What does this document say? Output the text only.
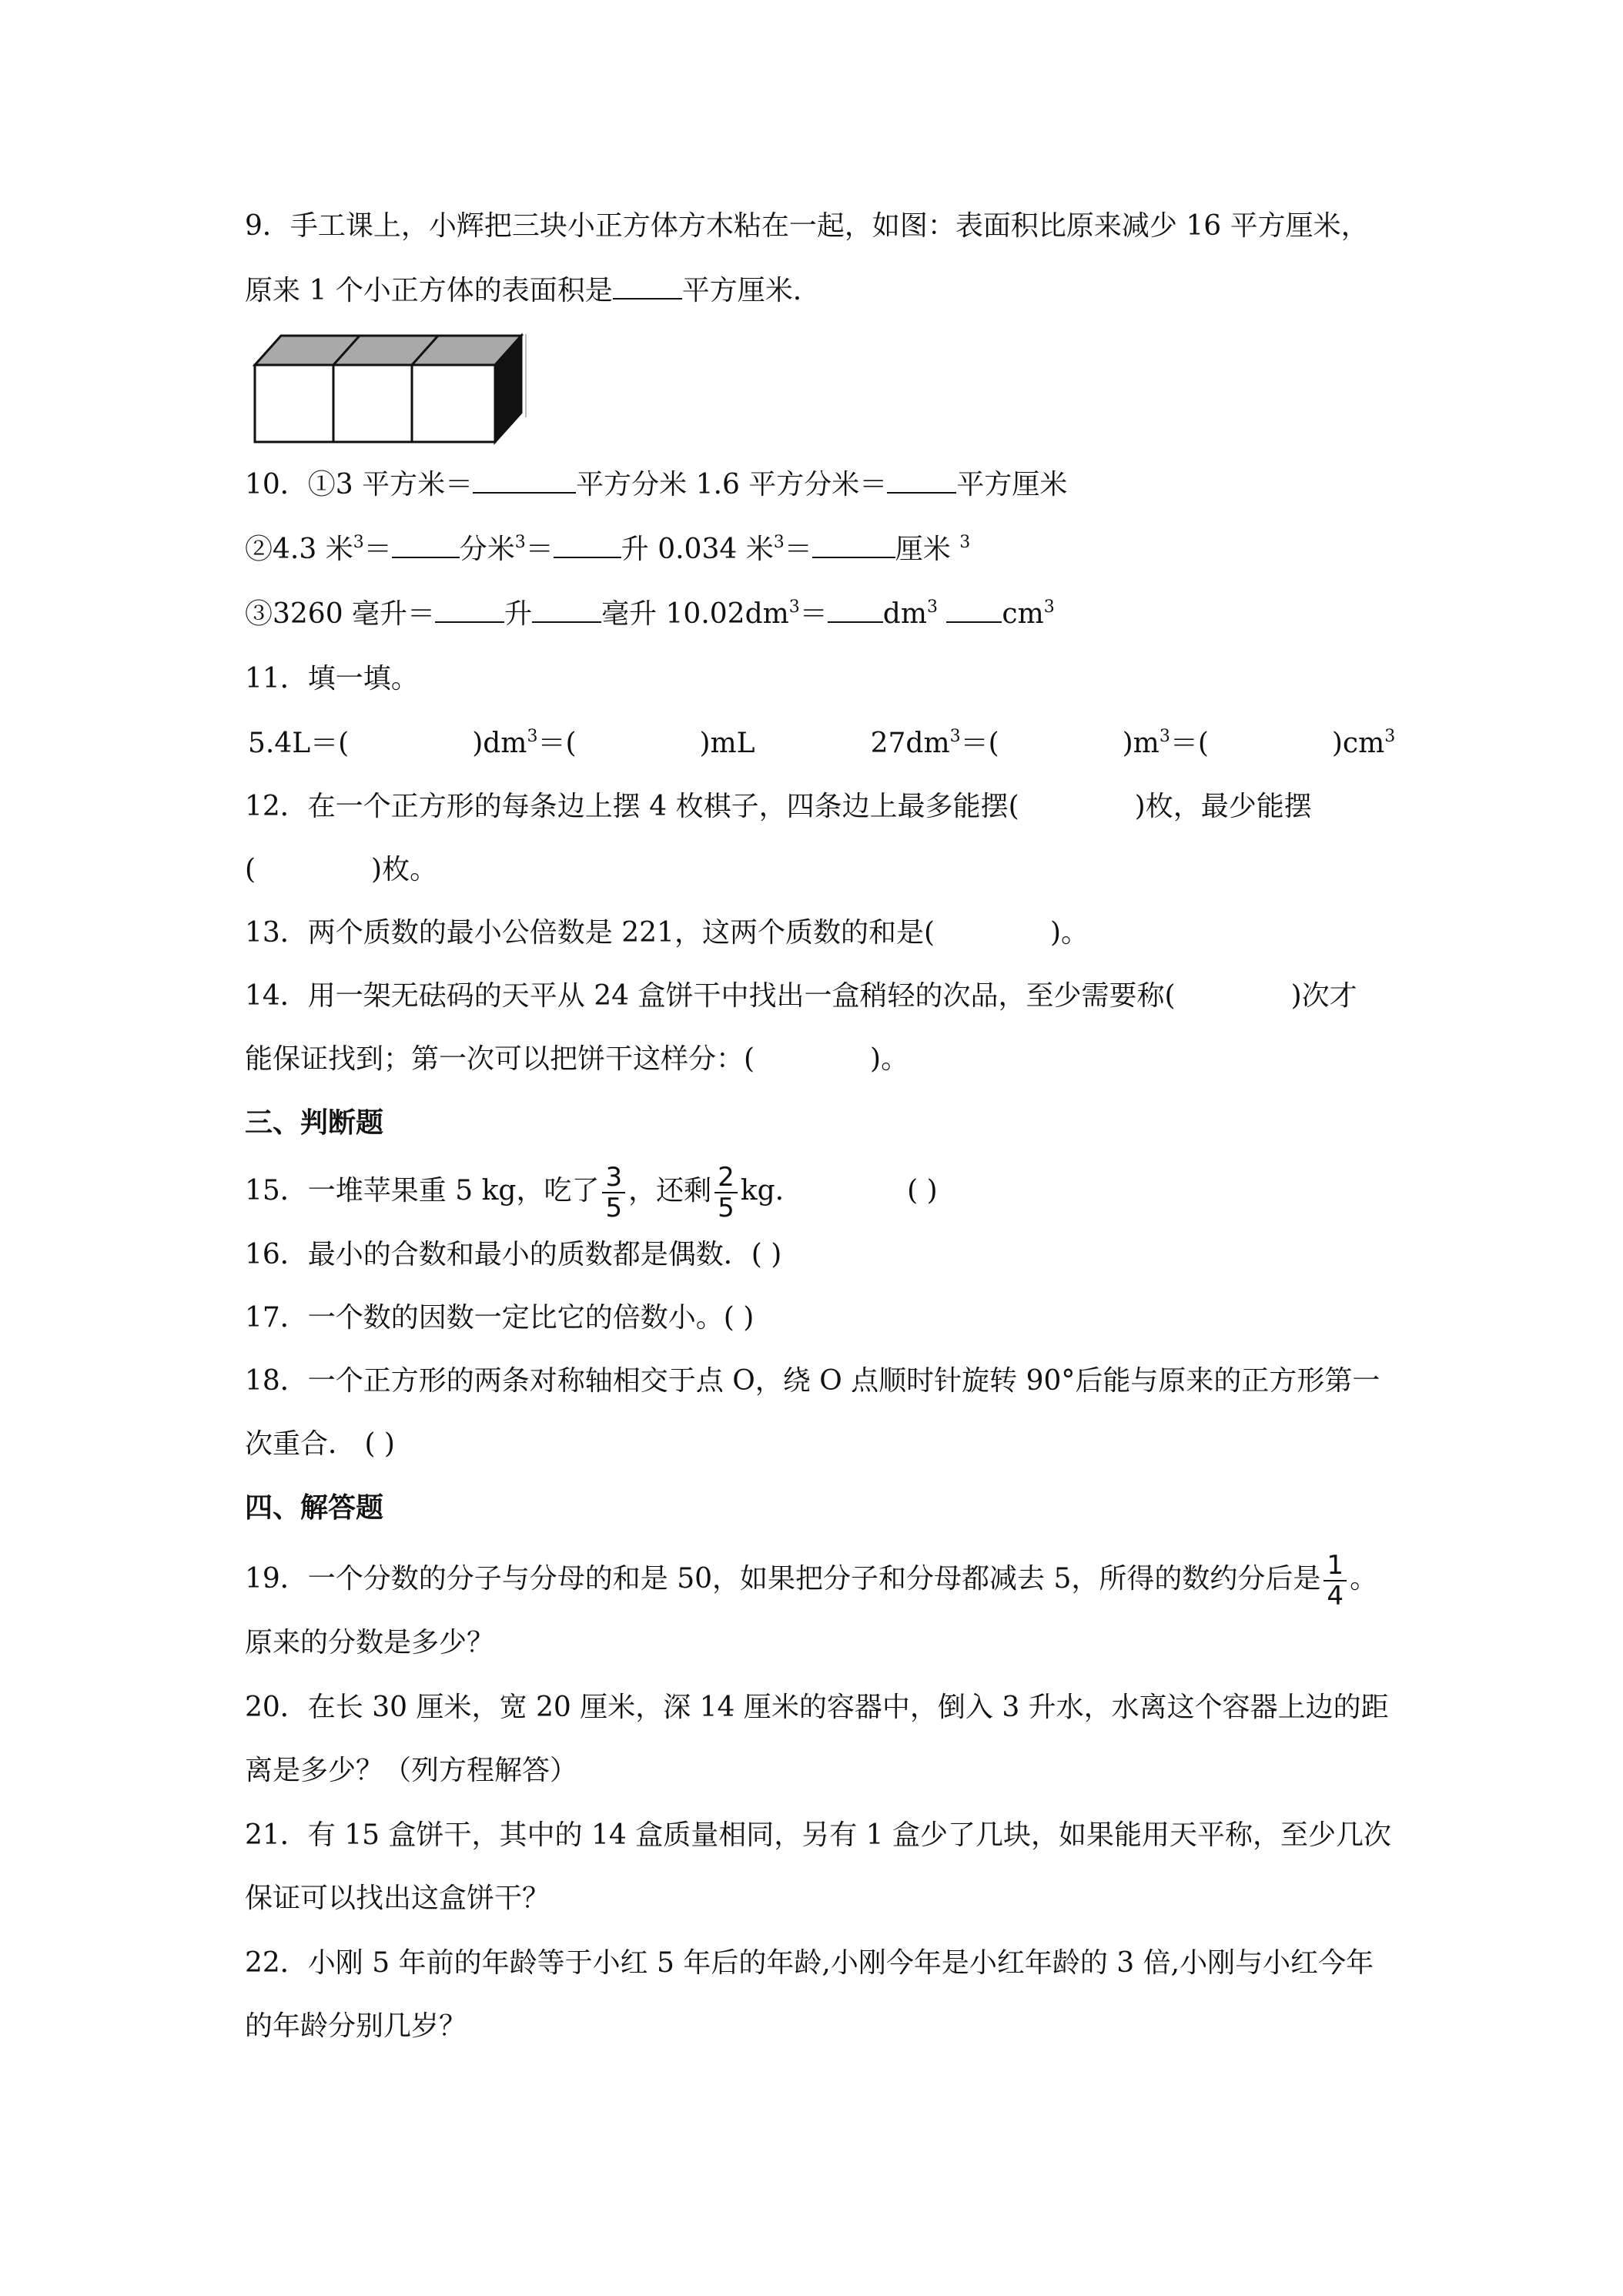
9．手工课上，小辉把三块小正方体方木粘在一起，如图：表面积比原来减少 16 平方厘米，
原来 1 个小正方体的表面积是	平方厘米.
10．①3 平方米＝	平方分米 1.6 平方分米＝	平方厘米
②4.3 米$^3$＝ 分米$^3$＝ 升 0.034 米$^3$＝	厘米 $^3$
③3260 毫升＝	升	毫升 $10.02dm^3= dm^3$ $cm^3$
11．填一填。
5.4L＝(	)$dm^3=$(	)mL	$27dm^3=$(	)$m^3=$(	)$cm^3$
12．在一个正方形的每条边上摆 4 枚棋子，四条边上最多能摆(	)枚，最少能摆
(	)枚。
13．两个质数的最小公倍数是 221，这两个质数的和是(	)。
14．用一架无砝码的天平从 24 盒饼干中找出一盒稍轻的次品，至少需要称(	)次才
能保证找到；第一次可以把饼干这样分：(	)。
三、判断题
15．一堆苹果重 5 kg，吃了 $\frac{3}{5}$ ，还剩 $\frac{2}{5}$ kg.	( )
16．最小的合数和最小的质数都是偶数．( )
17．一个数的因数一定比它的倍数小。( )
18．一个正方形的两条对称轴相交于点 O，绕 O 点顺时针旋转 90°后能与原来的正方形第一
次重合． ( )
四、解答题
19．一个分数的分子与分母的和是 50，如果把分子和分母都减去 5，所得的数约分后是 $\frac{1}{4}$ 。
原来的分数是多少？
20．在长 30 厘米，宽 20 厘米，深 14 厘米的容器中，倒入 3 升水，水离这个容器上边的距
离是多少？（列方程解答）
21．有 15 盒饼干，其中的 14 盒质量相同，另有 1 盒少了几块，如果能用天平称，至少几次
保证可以找出这盒饼干？
22．小刚 5 年前的年龄等于小红 5 年后的年龄,小刚今年是小红年龄的 3 倍,小刚与小红今年
的年龄分别几岁？
